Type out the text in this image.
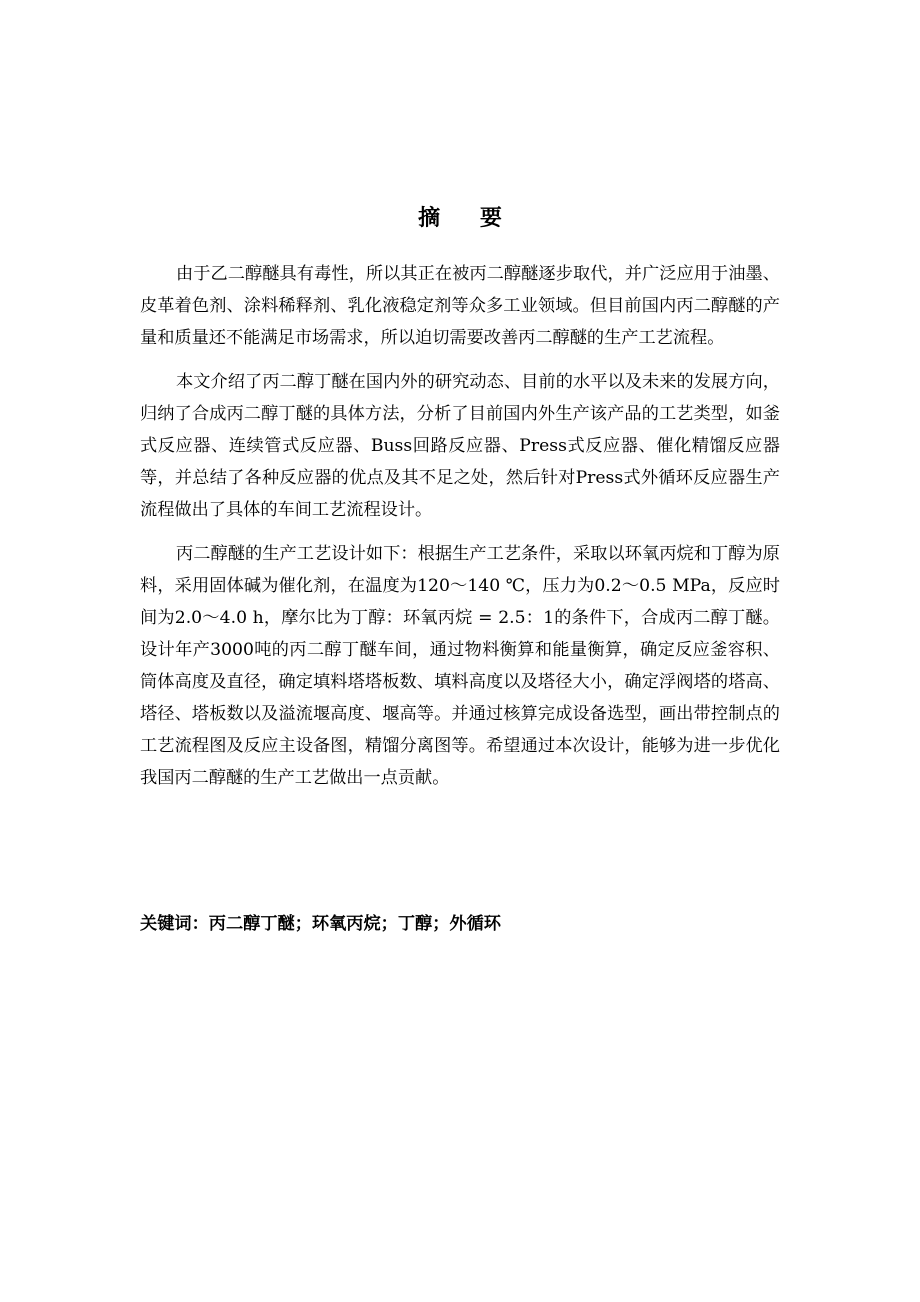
摘 要

由于乙二醇醚具有毒性，所以其正在被丙二醇醚逐步取代，并广泛应用于油墨、皮革着色剂、涂料稀释剂、乳化液稳定剂等众多工业领域。但目前国内丙二醇醚的产量和质量还不能满足市场需求，所以迫切需要改善丙二醇醚的生产工艺流程。

本文介绍了丙二醇丁醚在国内外的研究动态、目前的水平以及未来的发展方向，归纳了合成丙二醇丁醚的具体方法，分析了目前国内外生产该产品的工艺类型，如釜式反应器、连续管式反应器、Buss回路反应器、Press式反应器、催化精馏反应器等，并总结了各种反应器的优点及其不足之处，然后针对Press式外循环反应器生产流程做出了具体的车间工艺流程设计。

丙二醇醚的生产工艺设计如下：根据生产工艺条件，采取以环氧丙烷和丁醇为原料，采用固体碱为催化剂，在温度为120～140 ℃，压力为0.2～0.5 MPa，反应时间为2.0～4.0 h，摩尔比为丁醇：环氧丙烷 = 2.5：1的条件下，合成丙二醇丁醚。设计年产3000吨的丙二醇丁醚车间，通过物料衡算和能量衡算，确定反应釜容积、筒体高度及直径，确定填料塔塔板数、填料高度以及塔径大小，确定浮阀塔的塔高、塔径、塔板数以及溢流堰高度、堰高等。并通过核算完成设备选型，画出带控制点的工艺流程图及反应主设备图，精馏分离图等。希望通过本次设计，能够为进一步优化我国丙二醇醚的生产工艺做出一点贡献。

关键词：丙二醇丁醚；环氧丙烷；丁醇；外循环
